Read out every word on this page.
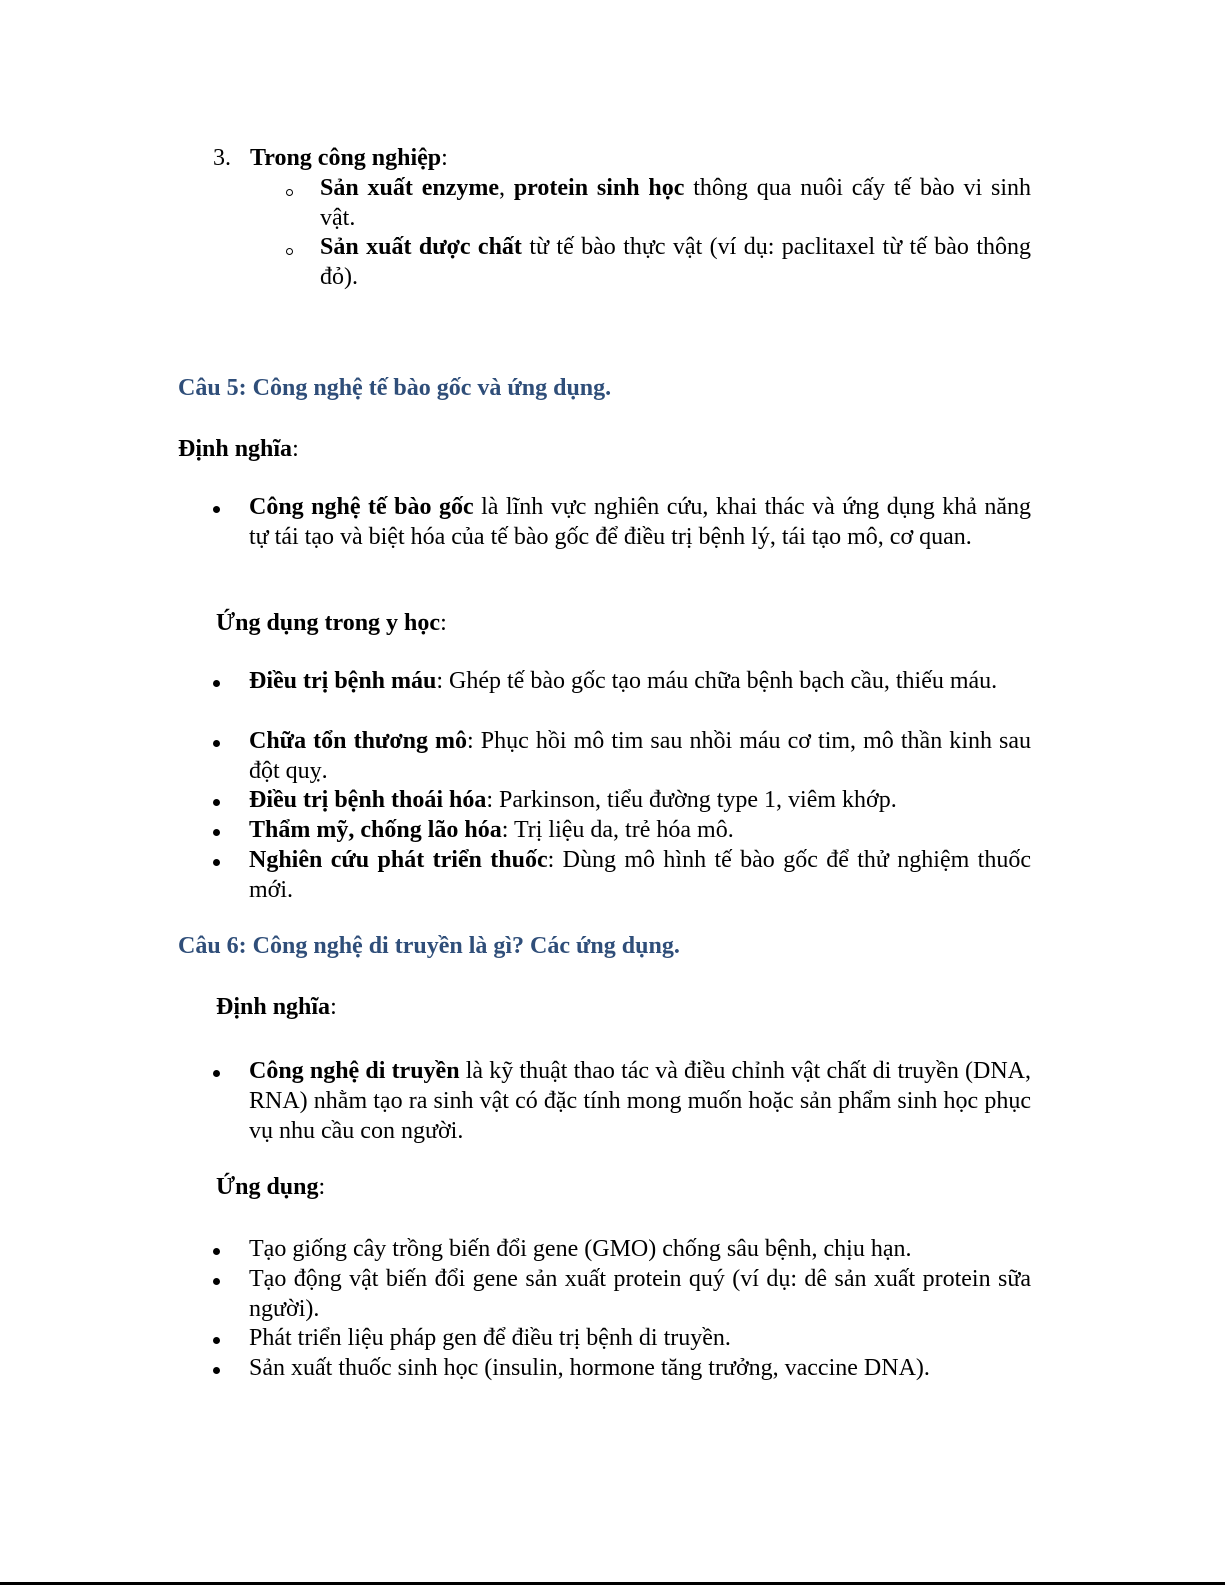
3. Trong công nghiệp:
Sản xuất enzyme, protein sinh học thông qua nuôi cấy tế bào vi sinh vật.
Sản xuất dược chất từ tế bào thực vật (ví dụ: paclitaxel từ tế bào thông đỏ).
Câu 5: Công nghệ tế bào gốc và ứng dụng.
Định nghĩa:
Công nghệ tế bào gốc là lĩnh vực nghiên cứu, khai thác và ứng dụng khả năng tự tái tạo và biệt hóa của tế bào gốc để điều trị bệnh lý, tái tạo mô, cơ quan.
Ứng dụng trong y học:
Điều trị bệnh máu: Ghép tế bào gốc tạo máu chữa bệnh bạch cầu, thiếu máu.
Chữa tổn thương mô: Phục hồi mô tim sau nhồi máu cơ tim, mô thần kinh sau đột quỵ.
Điều trị bệnh thoái hóa: Parkinson, tiểu đường type 1, viêm khớp.
Thẩm mỹ, chống lão hóa: Trị liệu da, trẻ hóa mô.
Nghiên cứu phát triển thuốc: Dùng mô hình tế bào gốc để thử nghiệm thuốc mới.
Câu 6: Công nghệ di truyền là gì? Các ứng dụng.
Định nghĩa:
Công nghệ di truyền là kỹ thuật thao tác và điều chỉnh vật chất di truyền (DNA, RNA) nhằm tạo ra sinh vật có đặc tính mong muốn hoặc sản phẩm sinh học phục vụ nhu cầu con người.
Ứng dụng:
Tạo giống cây trồng biến đổi gene (GMO) chống sâu bệnh, chịu hạn.
Tạo động vật biến đổi gene sản xuất protein quý (ví dụ: dê sản xuất protein sữa người).
Phát triển liệu pháp gen để điều trị bệnh di truyền.
Sản xuất thuốc sinh học (insulin, hormone tăng trưởng, vaccine DNA).
